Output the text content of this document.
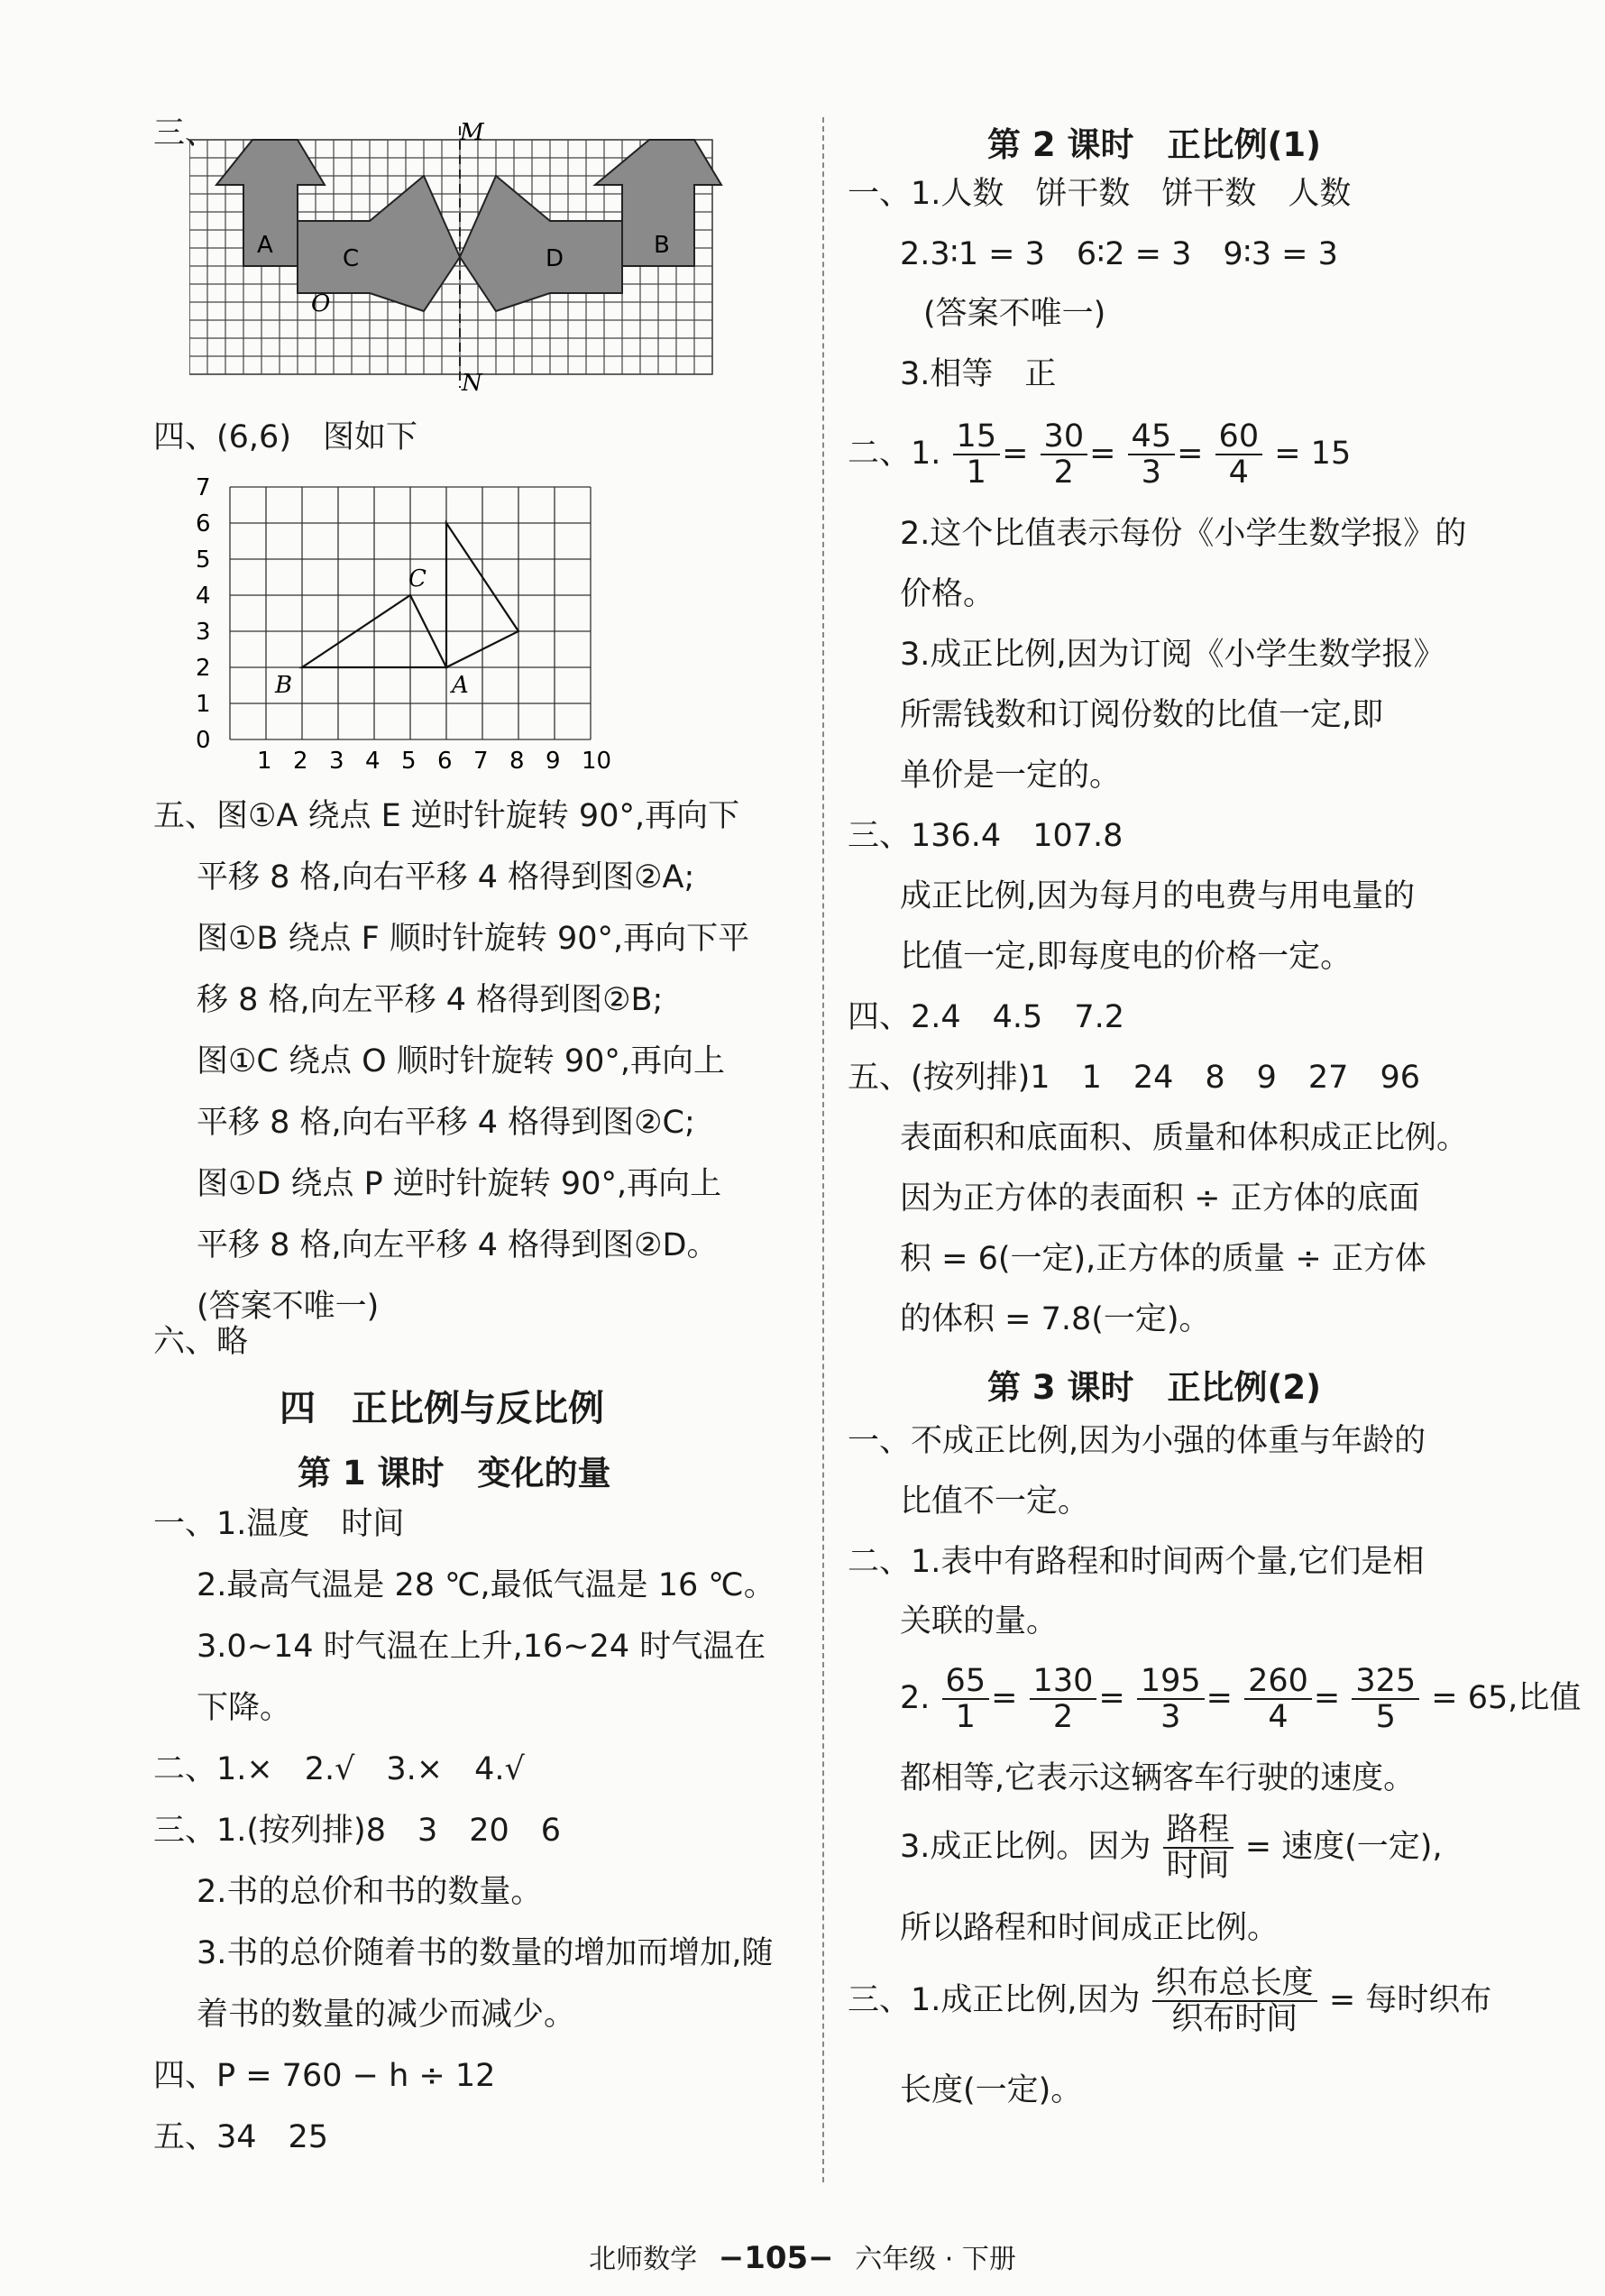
三、	M
N
O
A	B
C	D
四、(6,6)　图如下
1 2 3 4 5 6 7 8 9 10
0
1
2
3
4
5
6
7
A
B
C
五、图①A 绕点 E 逆时针旋转 90°,再向下
平移 8 格,向右平移 4 格得到图②A;
图①B 绕点 F 顺时针旋转 90°,再向下平
移 8 格,向左平移 4 格得到图②B;
图①C 绕点 O 顺时针旋转 90°,再向上
平移 8 格,向右平移 4 格得到图②C;
图①D 绕点 P 逆时针旋转 90°,再向上
平移 8 格,向左平移 4 格得到图②D。
(答案不唯一)
六、略
四　正比例与反比例
第 1 课时　变化的量
一、1.温度　时间
2.最高气温是 28 ℃,最低气温是 16 ℃。
3.0~14 时气温在上升,16~24 时气温在
下降。
二、1.×　2.√　3.×　4.√
三、1.(按列排)8　3　20　6
2.书的总价和书的数量。
3.书的总价随着书的数量的增加而增加,随
着书的数量的减少而减少。
四、P = 760 − h ÷ 12
五、34　25
第 2 课时　正比例(1)
一、1.人数　饼干数　饼干数　人数
2.3∶1 = 3　6∶2 = 3　9∶3 = 3
(答案不唯一)
3.相等　正
二、1. $\frac{15}{1} = \frac{30}{2} = \frac{45}{3} = \frac{60}{4} = 15$
2.这个比值表示每份《小学生数学报》的
价格。
3.成正比例,因为订阅《小学生数学报》
所需钱数和订阅份数的比值一定,即
单价是一定的。
三、136.4　107.8
成正比例,因为每月的电费与用电量的
比值一定,即每度电的价格一定。
四、2.4　4.5　7.2
五、(按列排)1　1　24　8　9　27　96
表面积和底面积、质量和体积成正比例。
因为正方体的表面积 ÷ 正方体的底面
积 = 6(一定),正方体的质量 ÷ 正方体
的体积 = 7.8(一定)。
第 3 课时　正比例(2)
一、不成正比例,因为小强的体重与年龄的
比值不一定。
二、1.表中有路程和时间两个量,它们是相
关联的量。
2. $\frac{65}{1} = \frac{130}{2} = \frac{195}{3} = \frac{260}{4} = \frac{325}{5} = 65$,比值
都相等,它表示这辆客车行驶的速度。
3.成正比例。因为 $\frac{\text{路程}}{\text{时间}}$ = 速度(一定),
所以路程和时间成正比例。
三、1.成正比例,因为 $\frac{\text{织布总长度}}{\text{织布时间}}$ = 每时织布
长度(一定)。
北师数学 −105− 六年级 · 下册
